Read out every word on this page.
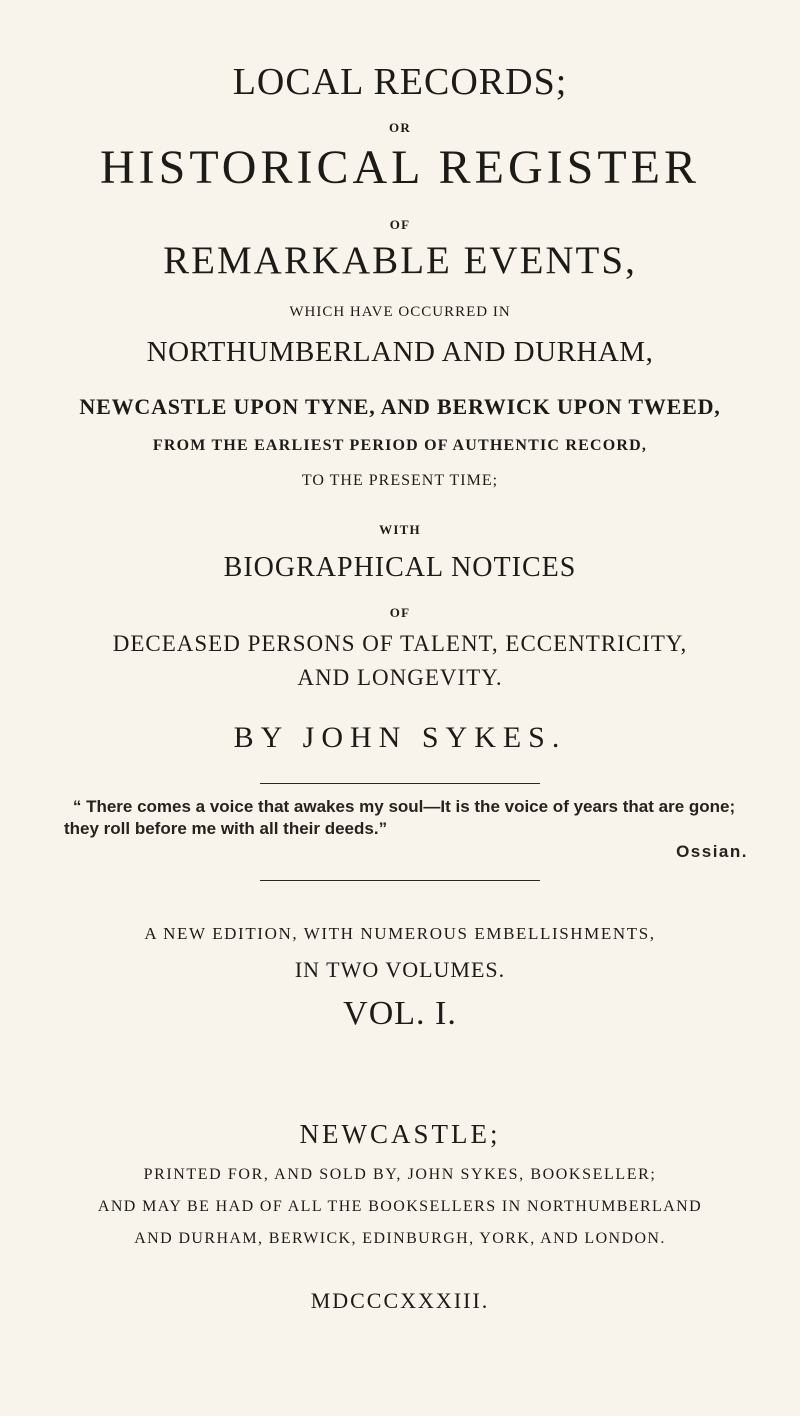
LOCAL RECORDS;
OR
HISTORICAL REGISTER
OF
REMARKABLE EVENTS,
WHICH HAVE OCCURRED IN
NORTHUMBERLAND AND DURHAM,
NEWCASTLE UPON TYNE, AND BERWICK UPON TWEED,
FROM THE EARLIEST PERIOD OF AUTHENTIC RECORD,
TO THE PRESENT TIME;
WITH
BIOGRAPHICAL NOTICES
OF
DECEASED PERSONS OF TALENT, ECCENTRICITY,
AND LONGEVITY.
BY JOHN SYKES.
“ There comes a voice that awakes my soul—It is the voice of years that are gone;
they roll before me with all their deeds.”
Ossian.
A NEW EDITION, WITH NUMEROUS EMBELLISHMENTS,
IN TWO VOLUMES.
VOL. I.
NEWCASTLE;
PRINTED FOR, AND SOLD BY, JOHN SYKES, BOOKSELLER;
AND MAY BE HAD OF ALL THE BOOKSELLERS IN NORTHUMBERLAND
AND DURHAM, BERWICK, EDINBURGH, YORK, AND LONDON.
MDCCCXXXIII.
